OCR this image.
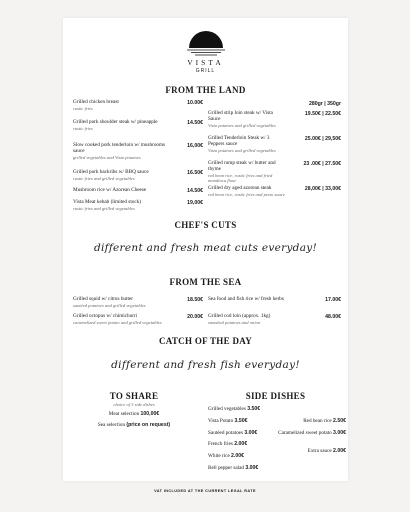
VISTA
GRILL
FROM THE LAND
Grilled chicken breast
rustic fries
10.00€
Grilled pork shoulder steak w/ pineapple
rustic fries
14.50€
Slow cooked pork tenderloin w/ mushrooms sauce
grilled vegetables and Vista potatoes
16,00€
Grilled pork backribs w/ BBQ sauce
rustic fries and grilled vegetables
16.50€
Mushroom rice w/ Azorean Cheese	14.50€
Vista Meat kebab (limited stock)
rustic fries and grilled vegetables
19,00€
280gr | 350gr
Grilled strip loin steak w/ Vista Sauce
Vista potatoes and grilled vegetables
19.50€ | 22.50€
Grilled Tenderloin Steak w/ 3 Peppers sauce
Vista potatoes and grilled vegetables
25.00€ | 29,50€
Grilled rump steak w/ butter and thyme
red bean rice, rustic fries and fried mandioca flour
23 .00€ | 27.50€
Grilled dry aged azorean steak
red bean rice, rustic fries and pesto sauce
28,00€ | 33,00€
CHEF'S CUTS
different and fresh meat cuts everyday!
FROM THE SEA
Grilled squid w/ citrus butter
sautéed potatoes and grilled vegetables
18.50€
Grilled octopus w/ chimichurri
caramelized sweet potato and grilled vegetables
20.00€
Sea food and fish rice w/ fresh herbs	17.00€
Grilled cod loin (approx. 1kg)
smashed potatoes and onion
48.00€
CATCH OF THE DAY
different and fresh fish everyday!
TO SHARE
choice of 3 side dishes
Meat selection 100,00€
Sea selection (price on request)
SIDE DISHES
Grilled vegetables 3.50€
Vista Potato 3.50€
Sautéed potatoes 3.00€
French fries 2.00€
White rice 2.00€
Bell pepper salad 3.00€
Red bean rice 2.50€
Caramelized sweet potato 3.00€
Extra sauce 2.00€
VAT INCLUDED AT THE CURRENT LEGAL RATE
